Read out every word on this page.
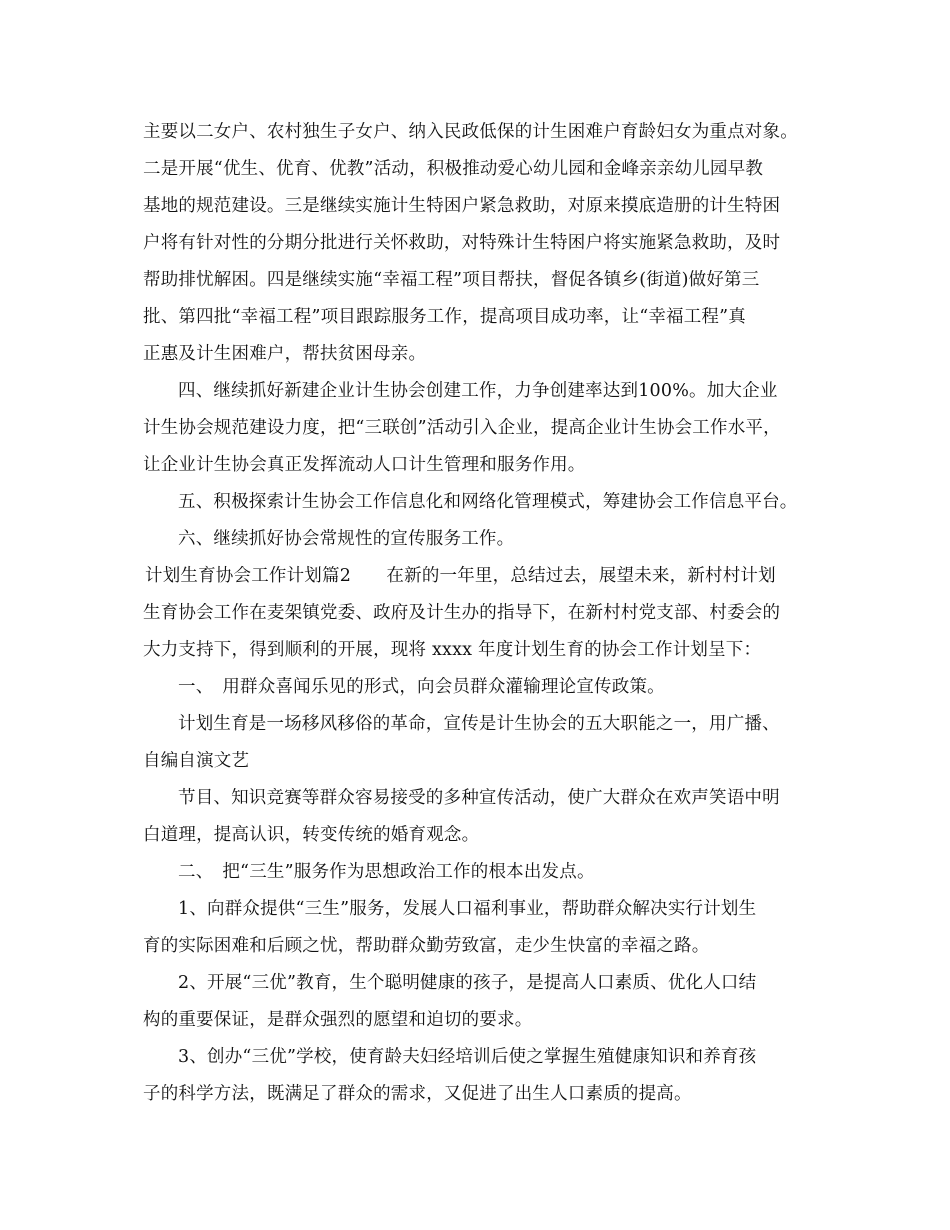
主要以二女户、农村独生子女户、纳入民政低保的计生困难户育龄妇女为重点对象。
二是开展“优生、优育、优教”活动，积极推动爱心幼儿园和金峰亲亲幼儿园早教
基地的规范建设。三是继续实施计生特困户紧急救助，对原来摸底造册的计生特困
户将有针对性的分期分批进行关怀救助，对特殊计生特困户将实施紧急救助，及时
帮助排忧解困。四是继续实施“幸福工程”项目帮扶，督促各镇乡(街道)做好第三
批、第四批“幸福工程”项目跟踪服务工作，提高项目成功率，让“幸福工程”真
正惠及计生困难户，帮扶贫困母亲。
四、继续抓好新建企业计生协会创建工作，力争创建率达到100%。加大企业
计生协会规范建设力度，把“三联创”活动引入企业，提高企业计生协会工作水平，
让企业计生协会真正发挥流动人口计生管理和服务作用。
五、积极探索计生协会工作信息化和网络化管理模式，筹建协会工作信息平台。
六、继续抓好协会常规性的宣传服务工作。
计划生育协会工作计划篇2　　在新的一年里，总结过去，展望未来，新村村计划
生育协会工作在麦架镇党委、政府及计生办的指导下，在新村村党支部、村委会的
大力支持下，得到顺利的开展，现将 xxxx 年度计划生育的协会工作计划呈下：
一、　用群众喜闻乐见的形式，向会员群众灌输理论宣传政策。
计划生育是一场移风移俗的革命，宣传是计生协会的五大职能之一，用广播、
自编自演文艺
节目、知识竞赛等群众容易接受的多种宣传活动，使广大群众在欢声笑语中明
白道理，提高认识，转变传统的婚育观念。
二、　把“三生”服务作为思想政治工作的根本出发点。
1、向群众提供“三生”服务，发展人口福利事业，帮助群众解决实行计划生
育的实际困难和后顾之忧，帮助群众勤劳致富，走少生快富的幸福之路。
2、开展“三优”教育，生个聪明健康的孩子，是提高人口素质、优化人口结
构的重要保证，是群众强烈的愿望和迫切的要求。
3、创办“三优”学校，使育龄夫妇经培训后使之掌握生殖健康知识和养育孩
子的科学方法，既满足了群众的需求，又促进了出生人口素质的提高。
